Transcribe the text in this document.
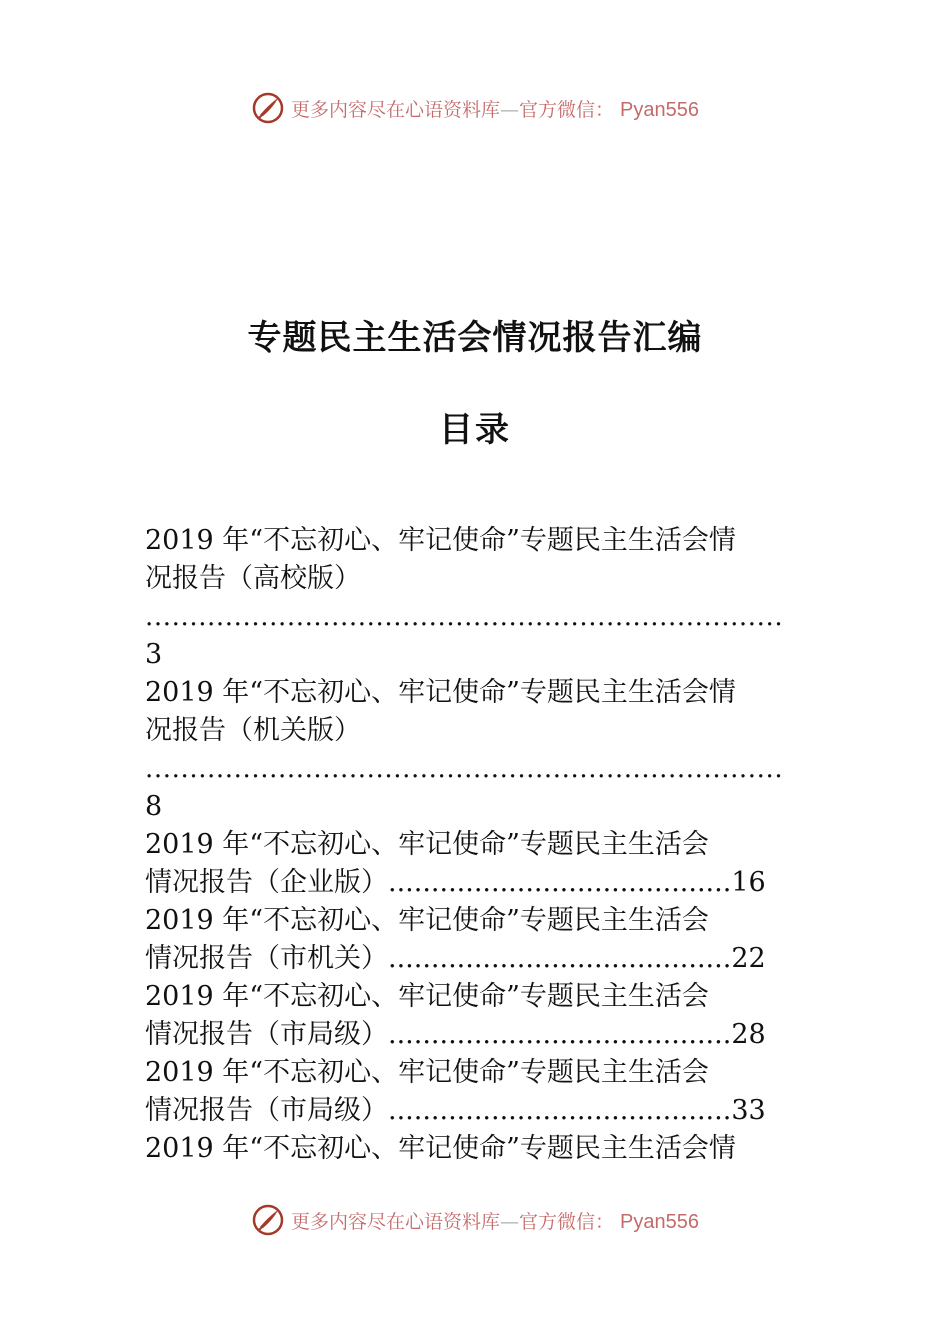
更多内容尽在心语资料库—官方微信： Pyan556
专题民主生活会情况报告汇编
目录
2019 年“不忘初心、牢记使命”专题民主生活会情
况报告（高校版）
........................................................................
3
2019 年“不忘初心、牢记使命”专题民主生活会情
况报告（机关版）
........................................................................
8
2019 年“不忘初心、牢记使命”专题民主生活会
情况报告（企业版）........................................16
2019 年“不忘初心、牢记使命”专题民主生活会
情况报告（市机关）........................................22
2019 年“不忘初心、牢记使命”专题民主生活会
情况报告（市局级）........................................28
2019 年“不忘初心、牢记使命”专题民主生活会
情况报告（市局级）........................................33
2019 年“不忘初心、牢记使命”专题民主生活会情
更多内容尽在心语资料库—官方微信： Pyan556
